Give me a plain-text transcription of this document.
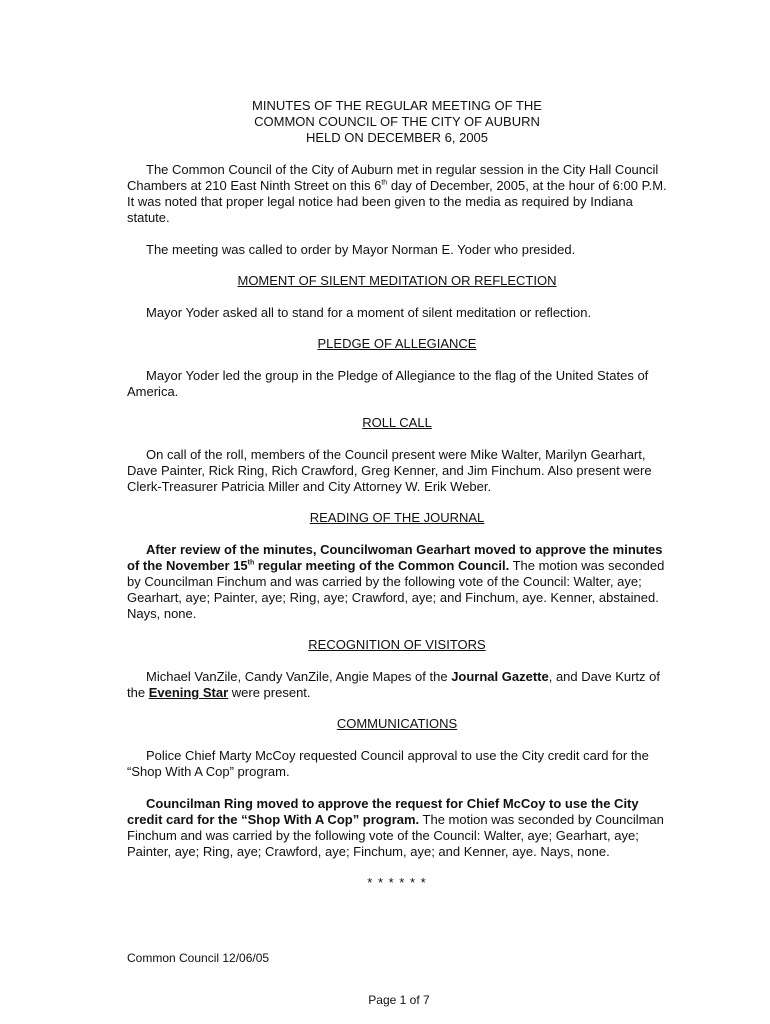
MINUTES OF THE REGULAR MEETING OF THE
COMMON COUNCIL OF THE CITY OF AUBURN
HELD ON DECEMBER 6, 2005

The Common Council of the City of Auburn met in regular session in the City Hall Council Chambers at 210 East Ninth Street on this 6th day of December, 2005, at the hour of 6:00 P.M. It was noted that proper legal notice had been given to the media as required by Indiana statute.

The meeting was called to order by Mayor Norman E. Yoder who presided.

MOMENT OF SILENT MEDITATION OR REFLECTION

Mayor Yoder asked all to stand for a moment of silent meditation or reflection.

PLEDGE OF ALLEGIANCE

Mayor Yoder led the group in the Pledge of Allegiance to the flag of the United States of America.

ROLL CALL

On call of the roll, members of the Council present were Mike Walter, Marilyn Gearhart, Dave Painter, Rick Ring, Rich Crawford, Greg Kenner, and Jim Finchum. Also present were Clerk-Treasurer Patricia Miller and City Attorney W. Erik Weber.

READING OF THE JOURNAL

After review of the minutes, Councilwoman Gearhart moved to approve the minutes of the November 15th regular meeting of the Common Council. The motion was seconded by Councilman Finchum and was carried by the following vote of the Council: Walter, aye; Gearhart, aye; Painter, aye; Ring, aye; Crawford, aye; and Finchum, aye. Kenner, abstained. Nays, none.

RECOGNITION OF VISITORS

Michael VanZile, Candy VanZile, Angie Mapes of the Journal Gazette, and Dave Kurtz of the Evening Star were present.

COMMUNICATIONS

Police Chief Marty McCoy requested Council approval to use the City credit card for the “Shop With A Cop” program.

Councilman Ring moved to approve the request for Chief McCoy to use the City credit card for the “Shop With A Cop” program. The motion was seconded by Councilman Finchum and was carried by the following vote of the Council: Walter, aye; Gearhart, aye; Painter, aye; Ring, aye; Crawford, aye; Finchum, aye; and Kenner, aye. Nays, none.

* * * * * *

Common Council 12/06/05
Page 1 of 7
